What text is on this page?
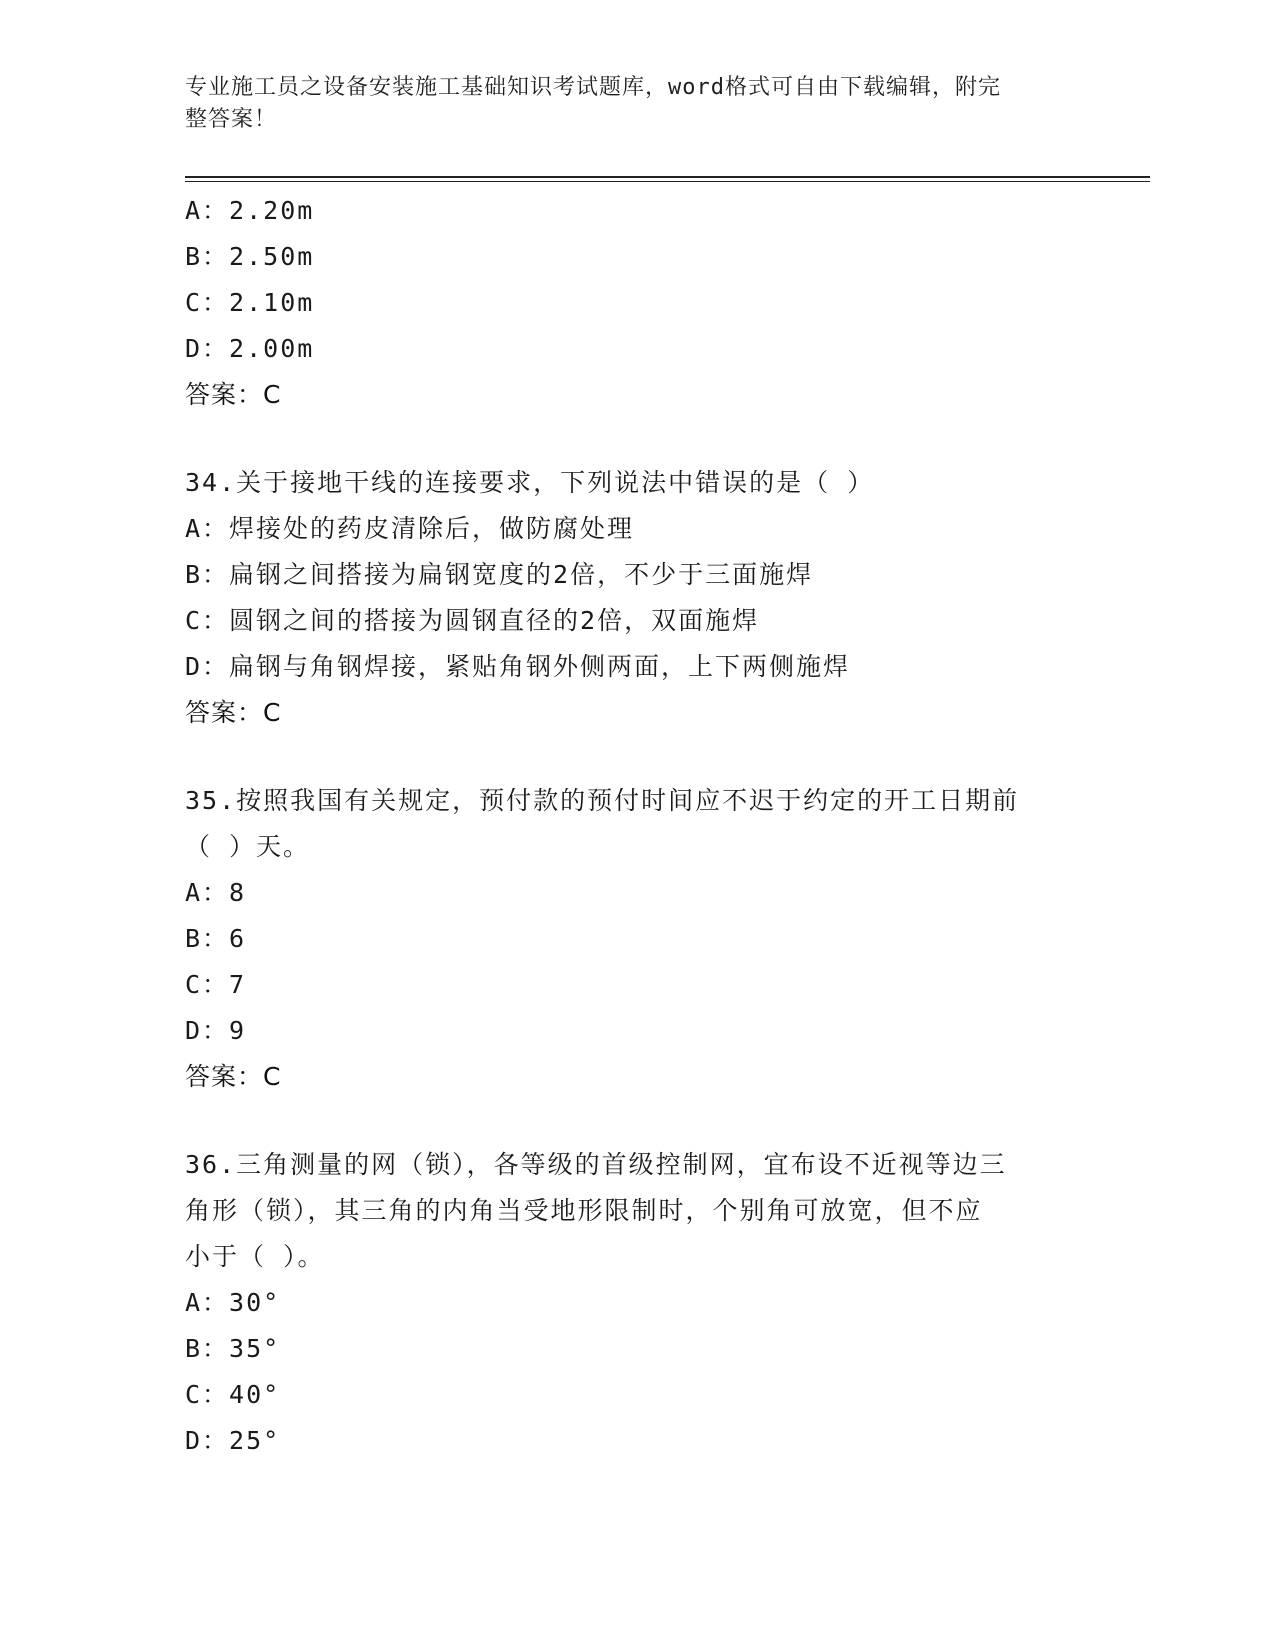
专业施工员之设备安装施工基础知识考试题库，word格式可自由下载编辑，附完
整答案！
A：2.20m
B：2.50m
C：2.10m
D：2.00m
答案：C
34.关于接地干线的连接要求，下列说法中错误的是（ ）
A：焊接处的药皮清除后，做防腐处理
B：扁钢之间搭接为扁钢宽度的2倍，不少于三面施焊
C：圆钢之间的搭接为圆钢直径的2倍，双面施焊
D：扁钢与角钢焊接，紧贴角钢外侧两面，上下两侧施焊
答案：C
35.按照我国有关规定，预付款的预付时间应不迟于约定的开工日期前
（ ）天。
A：8
B：6
C：7
D：9
答案：C
36.三角测量的网（锁），各等级的首级控制网，宜布设不近视等边三
角形（锁），其三角的内角当受地形限制时，个别角可放宽，但不应
小于（ ）。
A：30°
B：35°
C：40°
D：25°
